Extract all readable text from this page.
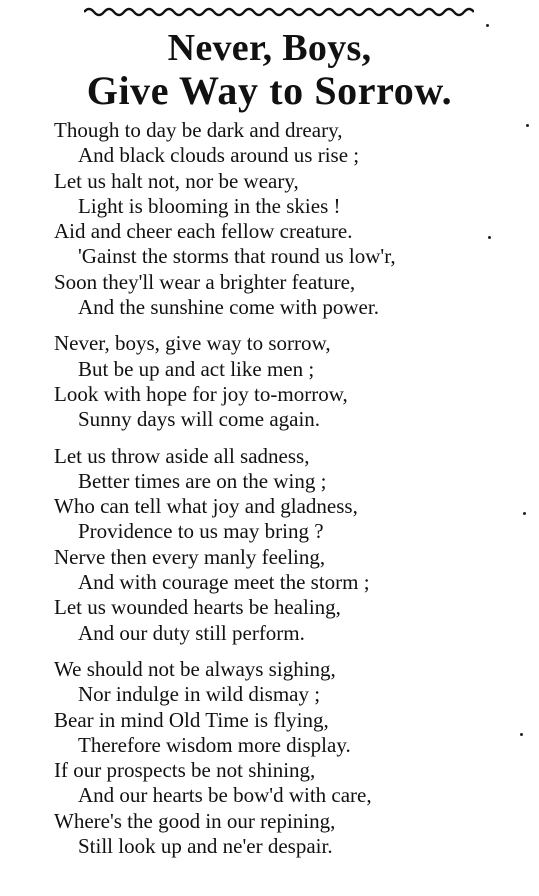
Never, Boys,
Give Way to Sorrow.
Though to day be dark and dreary,
And black clouds around us rise ;
Let us halt not, nor be weary,
Light is blooming in the skies !
Aid and cheer each fellow creature.
'Gainst the storms that round us low'r,
Soon they'll wear a brighter feature,
And the sunshine come with power.
Never, boys, give way to sorrow,
But be up and act like men ;
Look with hope for joy to-morrow,
Sunny days will come again.
Let us throw aside all sadness,
Better times are on the wing ;
Who can tell what joy and gladness,
Providence to us may bring ?
Nerve then every manly feeling,
And with courage meet the storm ;
Let us wounded hearts be healing,
And our duty still perform.
We should not be always sighing,
Nor indulge in wild dismay ;
Bear in mind Old Time is flying,
Therefore wisdom more display.
If our prospects be not shining,
And our hearts be bow'd with care,
Where's the good in our repining,
Still look up and ne'er despair.
